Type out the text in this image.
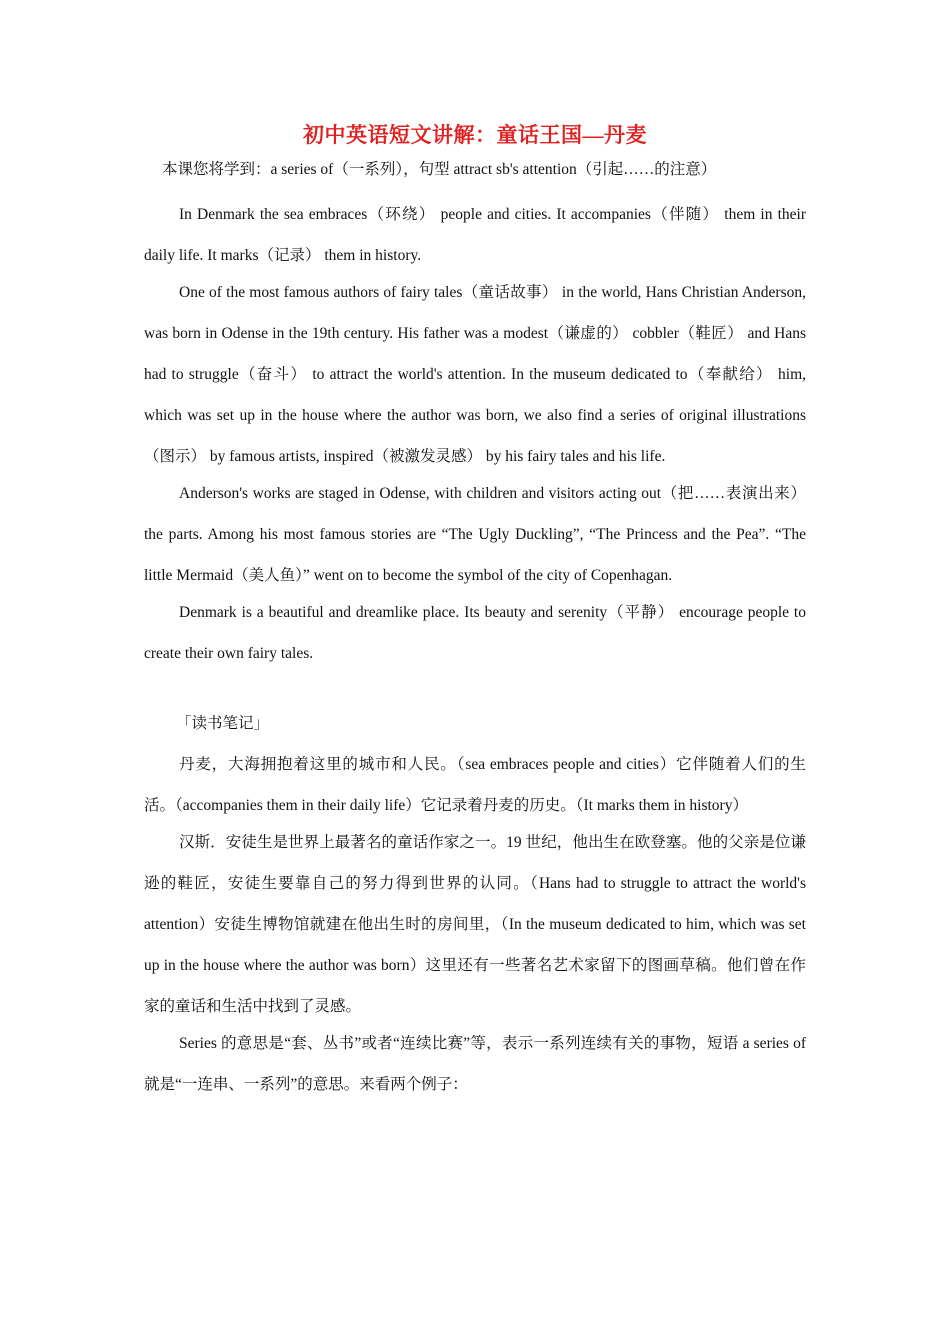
初中英语短文讲解：童话王国—丹麦

本课您将学到：a series of（一系列），句型 attract sb's attention（引起……的注意）

In Denmark the sea embraces（环绕） people and cities. It accompanies（伴随） them in their daily life. It marks（记录） them in history.

One of the most famous authors of fairy tales（童话故事） in the world, Hans Christian Anderson, was born in Odense in the 19th century. His father was a modest（谦虚的） cobbler（鞋匠） and Hans had to struggle（奋斗） to attract the world's attention. In the museum dedicated to（奉献给） him, which was set up in the house where the author was born, we also find a series of original illustrations（图示） by famous artists, inspired（被激发灵感） by his fairy tales and his life.

Anderson's works are staged in Odense, with children and visitors acting out（把……表演出来） the parts. Among his most famous stories are “The Ugly Duckling”, “The Princess and the Pea”. “The little Mermaid（美人鱼）” went on to become the symbol of the city of Copenhagan.

Denmark is a beautiful and dreamlike place. Its beauty and serenity（平静） encourage people to create their own fairy tales.

「读书笔记」

丹麦，大海拥抱着这里的城市和人民。（sea embraces people and cities）它伴随着人们的生活。（accompanies them in their daily life）它记录着丹麦的历史。（It marks them in history）

汉斯．安徒生是世界上最著名的童话作家之一。19 世纪，他出生在欧登塞。他的父亲是位谦逊的鞋匠，安徒生要靠自己的努力得到世界的认同。（Hans had to struggle to attract the world's attention）安徒生博物馆就建在他出生时的房间里，（In the museum dedicated to him, which was set up in the house where the author was born）这里还有一些著名艺术家留下的图画草稿。他们曾在作家的童话和生活中找到了灵感。

Series 的意思是“套、丛书”或者“连续比赛”等，表示一系列连续有关的事物，短语 a series of 就是“一连串、一系列”的意思。来看两个例子：
